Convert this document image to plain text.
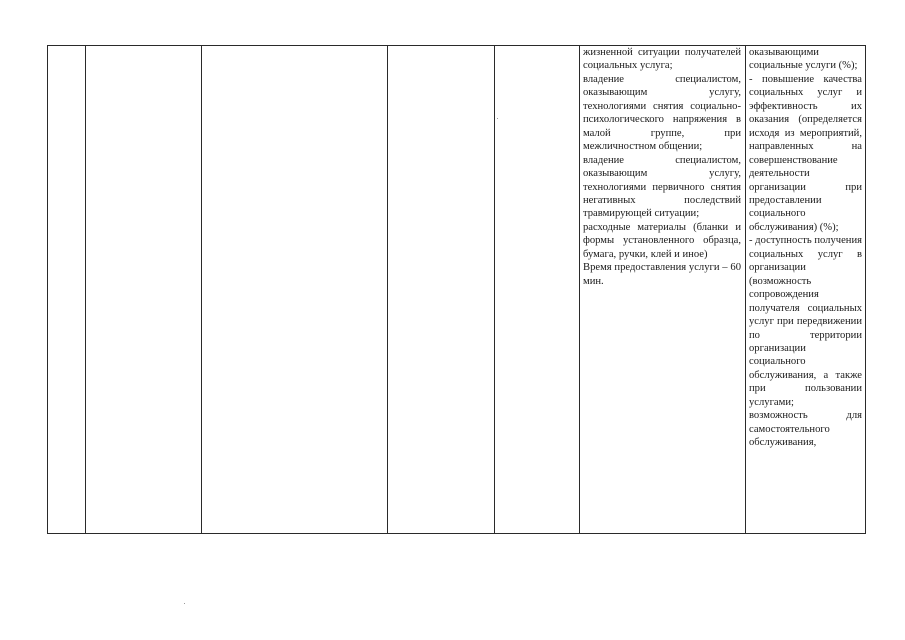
жизненной ситуации получателей социальных услуга;

владение специалистом, оказывающим услугу, технологиями снятия социально-психологического напряжения в малой группе, при межличностном общении;

владение специалистом, оказывающим услугу, технологиями первичного снятия негативных последствий травмирующей ситуации;

расходные материалы (бланки и формы установленного образца, бумага, ручки, клей и иное)

Время предоставления услуги – 60 мин.

оказывающими социальные услуги (%);

- повышение качества социальных услуг и эффективность их оказания (определяется исходя из мероприятий, направленных на совершенствование деятельности организации при предоставлении социального обслуживания) (%);

- доступность получения социальных услуг в организации (возможность сопровождения получателя социальных услуг при передвижении по территории организации социального обслуживания, а также при пользовании услугами;

возможность для самостоятельного обслуживания,
